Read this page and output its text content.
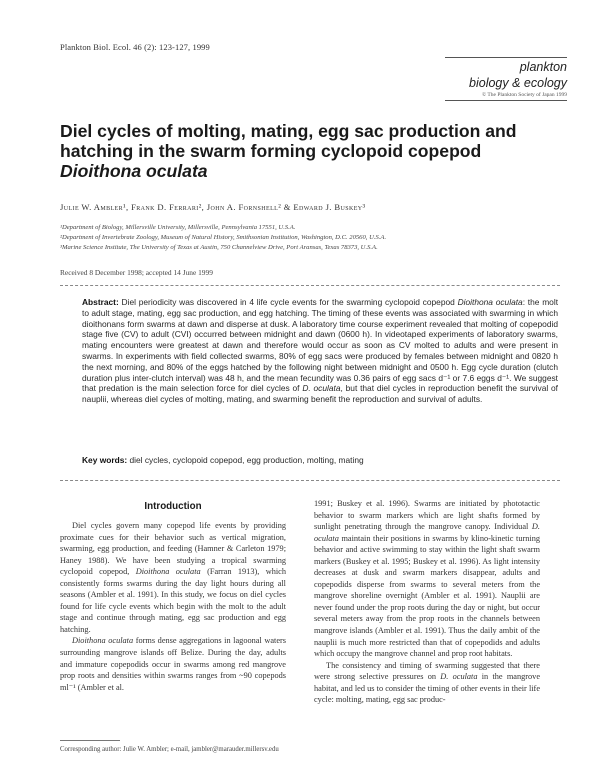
Plankton Biol. Ecol. 46 (2): 123-127, 1999
plankton
biology & ecology
© The Plankton Society of Japan 1999
Diel cycles of molting, mating, egg sac production and
hatching in the swarm forming cyclopoid copepod
Dioithona oculata
Julie W. Ambler¹, Frank D. Ferrari², John A. Fornshell² & Edward J. Buskey³
¹Department of Biology, Millersville University, Millersville, Pennsylvania 17551, U.S.A.
²Department of Invertebrate Zoology, Museum of Natural History, Smithsonian Institution, Washington, D.C. 20560, U.S.A.
³Marine Science Institute, The University of Texas at Austin, 750 Channelview Drive, Port Aransas, Texas 78373, U.S.A.
Received 8 December 1998; accepted 14 June 1999
Abstract: Diel periodicity was discovered in 4 life cycle events for the swarming cyclopoid copepod Dioithona oculata: the molt to adult stage, mating, egg sac production, and egg hatching. The timing of these events was associated with swarming in which dioithonans form swarms at dawn and disperse at dusk. A laboratory time course experiment revealed that molting of copepodid stage five (CV) to adult (CVI) occurred between midnight and dawn (0600 h). In videotaped experiments of laboratory swarms, mating encounters were greatest at dawn and therefore would occur as soon as CV molted to adults and were present in swarms. In experiments with field collected swarms, 80% of egg sacs were produced by females between midnight and 0820 h the next morning, and 80% of the eggs hatched by the following night between midnight and 0500 h. Egg cycle duration (clutch duration plus inter-clutch interval) was 48 h, and the mean fecundity was 0.36 pairs of egg sacs d⁻¹ or 7.6 eggs d⁻¹. We suggest that predation is the main selection force for diel cycles of D. oculata, but that diel cycles in reproduction benefit the survival of nauplii, whereas diel cycles of molting, mating, and swarming benefit the reproduction and survival of adults.
Key words: diel cycles, cyclopoid copepod, egg production, molting, mating
Introduction

Diel cycles govern many copepod life events by providing proximate cues for their behavior such as vertical migration, swarming, egg production, and feeding (Hamner & Carleton 1979; Haney 1988). We have been studying a tropical swarming cyclopoid copepod, Dioithona oculata (Farran 1913), which consistently forms swarms during the day light hours during all seasons (Ambler et al. 1991). In this study, we focus on diel cycles found for life cycle events which begin with the molt to the adult stage and continue through mating, egg sac production and egg hatching.

Dioithona oculata forms dense aggregations in lagoonal waters surrounding mangrove islands off Belize. During the day, adults and immature copepodids occur in swarms among red mangrove prop roots and densities within swarms ranges from ~90 copepods ml⁻¹ (Ambler et al.

Corresponding author: Julie W. Ambler; e-mail, jambler@marauder.millersv.edu

1991; Buskey et al. 1996). Swarms are initiated by phototactic behavior to swarm markers which are light shafts formed by sunlight penetrating through the mangrove canopy. Individual D. oculata maintain their positions in swarms by klino-kinetic turning behavior and active swimming to stay within the light shaft swarm markers (Buskey et al. 1995; Buskey et al. 1996). As light intensity decreases at dusk and swarm markers disappear, adults and copepodids disperse from swarms to several meters from the mangrove shoreline overnight (Ambler et al. 1991). Nauplii are never found under the prop roots during the day or night, but occur several meters away from the prop roots in the channels between mangrove islands (Ambler et al. 1991). Thus the daily ambit of the nauplii is much more restricted than that of copepodids and adults which occupy the mangrove channel and prop root habitats.

The consistency and timing of swarming suggested that there were strong selective pressures on D. oculata in the mangrove habitat, and led us to consider the timing of other events in their life cycle: molting, mating, egg sac produc-
